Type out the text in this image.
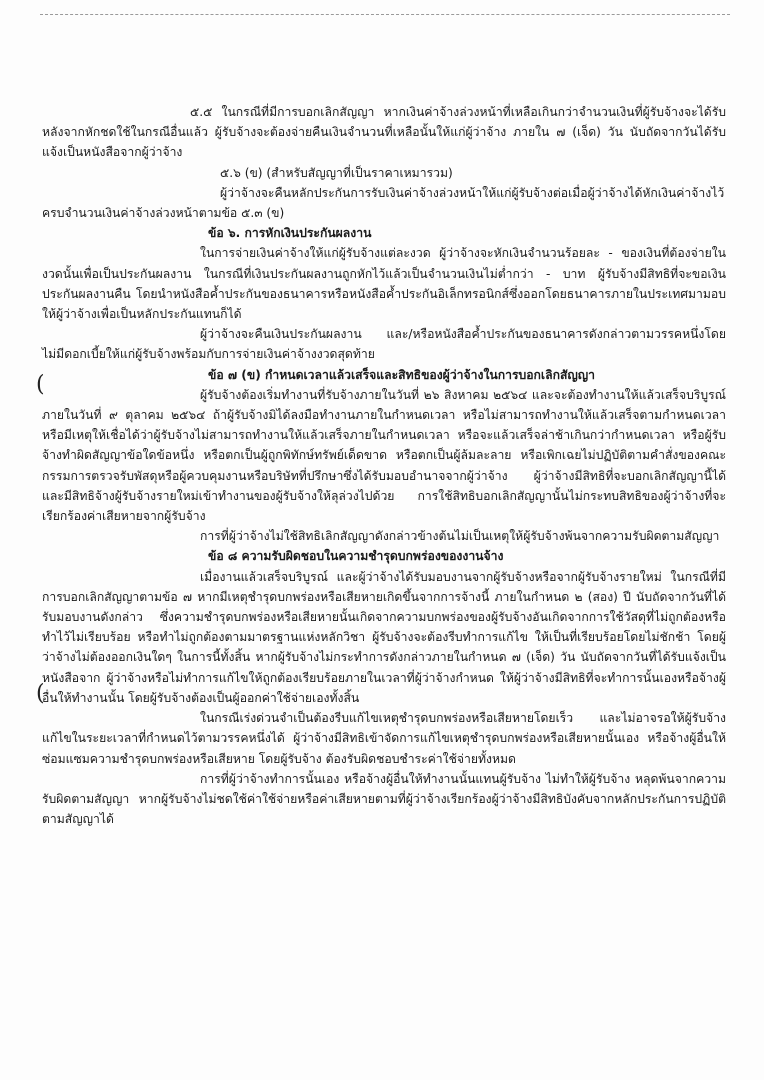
(
(

๕.๕ ในกรณีที่มีการบอกเลิกสัญญา หากเงินค่าจ้างล่วงหน้าที่เหลือเกินกว่าจำนวนเงินที่ผู้รับจ้างจะได้รับหลังจากหักชดใช้ในกรณีอื่นแล้ว ผู้รับจ้างจะต้องจ่ายคืนเงินจำนวนที่เหลือนั้นให้แก่ผู้ว่าจ้าง ภายใน ๗ (เจ็ด) วัน นับถัดจากวันได้รับแจ้งเป็นหนังสือจากผู้ว่าจ้าง

๕.๖ (ข) (สำหรับสัญญาที่เป็นราคาเหมารวม)

ผู้ว่าจ้างจะคืนหลักประกันการรับเงินค่าจ้างล่วงหน้าให้แก่ผู้รับจ้างต่อเมื่อผู้ว่าจ้างได้หักเงินค่าจ้างไว้ครบจำนวนเงินค่าจ้างล่วงหน้าตามข้อ ๕.๓ (ข)

ข้อ ๖. การหักเงินประกันผลงาน

ในการจ่ายเงินค่าจ้างให้แก่ผู้รับจ้างแต่ละงวด ผู้ว่าจ้างจะหักเงินจำนวนร้อยละ - ของเงินที่ต้องจ่ายในงวดนั้นเพื่อเป็นประกันผลงาน ในกรณีที่เงินประกันผลงานถูกหักไว้แล้วเป็นจำนวนเงินไม่ต่ำกว่า - บาท ผู้รับจ้างมีสิทธิที่จะขอเงินประกันผลงานคืน โดยนำหนังสือค้ำประกันของธนาคารหรือหนังสือค้ำประกันอิเล็กทรอนิกส์ซึ่งออกโดยธนาคารภายในประเทศมามอบให้ผู้ว่าจ้างเพื่อเป็นหลักประกันแทนก็ได้

ผู้ว่าจ้างจะคืนเงินประกันผลงาน และ/หรือหนังสือค้ำประกันของธนาคารดังกล่าวตามวรรคหนึ่งโดยไม่มีดอกเบี้ยให้แก่ผู้รับจ้างพร้อมกับการจ่ายเงินค่าจ้างงวดสุดท้าย

ข้อ ๗ (ข) กำหนดเวลาแล้วเสร็จและสิทธิของผู้ว่าจ้างในการบอกเลิกสัญญา

ผู้รับจ้างต้องเริ่มทำงานที่รับจ้างภายในวันที่ ๒๖ สิงหาคม ๒๕๖๔ และจะต้องทำงานให้แล้วเสร็จบริบูรณ์ภายในวันที่ ๙ ตุลาคม ๒๕๖๔ ถ้าผู้รับจ้างมิได้ลงมือทำงานภายในกำหนดเวลา หรือไม่สามารถทำงานให้แล้วเสร็จตามกำหนดเวลา หรือมีเหตุให้เชื่อได้ว่าผู้รับจ้างไม่สามารถทำงานให้แล้วเสร็จภายในกำหนดเวลา หรือจะแล้วเสร็จล่าช้าเกินกว่ากำหนดเวลา หรือผู้รับจ้างทำผิดสัญญาข้อใดข้อหนึ่ง หรือตกเป็นผู้ถูกพิทักษ์ทรัพย์เด็ดขาด หรือตกเป็นผู้ล้มละลาย หรือเพิกเฉยไม่ปฏิบัติตามคำสั่งของคณะกรรมการตรวจรับพัสดุหรือผู้ควบคุมงานหรือบริษัทที่ปรึกษาซึ่งได้รับมอบอำนาจจากผู้ว่าจ้าง ผู้ว่าจ้างมีสิทธิที่จะบอกเลิกสัญญานี้ได้ และมีสิทธิจ้างผู้รับจ้างรายใหม่เข้าทำงานของผู้รับจ้างให้ลุล่วงไปด้วย การใช้สิทธิบอกเลิกสัญญานั้นไม่กระทบสิทธิของผู้ว่าจ้างที่จะเรียกร้องค่าเสียหายจากผู้รับจ้าง

การที่ผู้ว่าจ้างไม่ใช้สิทธิเลิกสัญญาดังกล่าวข้างต้นไม่เป็นเหตุให้ผู้รับจ้างพ้นจากความรับผิดตามสัญญา

ข้อ ๘ ความรับผิดชอบในความชำรุดบกพร่องของงานจ้าง

เมื่องานแล้วเสร็จบริบูรณ์ และผู้ว่าจ้างได้รับมอบงานจากผู้รับจ้างหรือจากผู้รับจ้างรายใหม่ ในกรณีที่มีการบอกเลิกสัญญาตามข้อ ๗ หากมีเหตุชำรุดบกพร่องหรือเสียหายเกิดขึ้นจากการจ้างนี้ ภายในกำหนด ๒ (สอง) ปี นับถัดจากวันที่ได้รับมอบงานดังกล่าว ซึ่งความชำรุดบกพร่องหรือเสียหายนั้นเกิดจากความบกพร่องของผู้รับจ้างอันเกิดจากการใช้วัสดุที่ไม่ถูกต้องหรือทำไว้ไม่เรียบร้อย หรือทำไม่ถูกต้องตามมาตรฐานแห่งหลักวิชา ผู้รับจ้างจะต้องรีบทำการแก้ไข ให้เป็นที่เรียบร้อยโดยไม่ชักช้า โดยผู้ว่าจ้างไม่ต้องออกเงินใดๆ ในการนี้ทั้งสิ้น หากผู้รับจ้างไม่กระทำการดังกล่าวภายในกำหนด ๗ (เจ็ด) วัน นับถัดจากวันที่ได้รับแจ้งเป็นหนังสือจาก ผู้ว่าจ้างหรือไม่ทำการแก้ไขให้ถูกต้องเรียบร้อยภายในเวลาที่ผู้ว่าจ้างกำหนด ให้ผู้ว่าจ้างมีสิทธิที่จะทำการนั้นเองหรือจ้างผู้อื่นให้ทำงานนั้น โดยผู้รับจ้างต้องเป็นผู้ออกค่าใช้จ่ายเองทั้งสิ้น

ในกรณีเร่งด่วนจำเป็นต้องรีบแก้ไขเหตุชำรุดบกพร่องหรือเสียหายโดยเร็ว และไม่อาจรอให้ผู้รับจ้างแก้ไขในระยะเวลาที่กำหนดไว้ตามวรรคหนึ่งได้ ผู้ว่าจ้างมีสิทธิเข้าจัดการแก้ไขเหตุชำรุดบกพร่องหรือเสียหายนั้นเอง หรือจ้างผู้อื่นให้ซ่อมแซมความชำรุดบกพร่องหรือเสียหาย โดยผู้รับจ้าง ต้องรับผิดชอบชำระค่าใช้จ่ายทั้งหมด

การที่ผู้ว่าจ้างทำการนั้นเอง หรือจ้างผู้อื่นให้ทำงานนั้นแทนผู้รับจ้าง ไม่ทำให้ผู้รับจ้าง หลุดพ้นจากความรับผิดตามสัญญา หากผู้รับจ้างไม่ชดใช้ค่าใช้จ่ายหรือค่าเสียหายตามที่ผู้ว่าจ้างเรียกร้องผู้ว่าจ้างมีสิทธิบังคับจากหลักประกันการปฏิบัติตามสัญญาได้
